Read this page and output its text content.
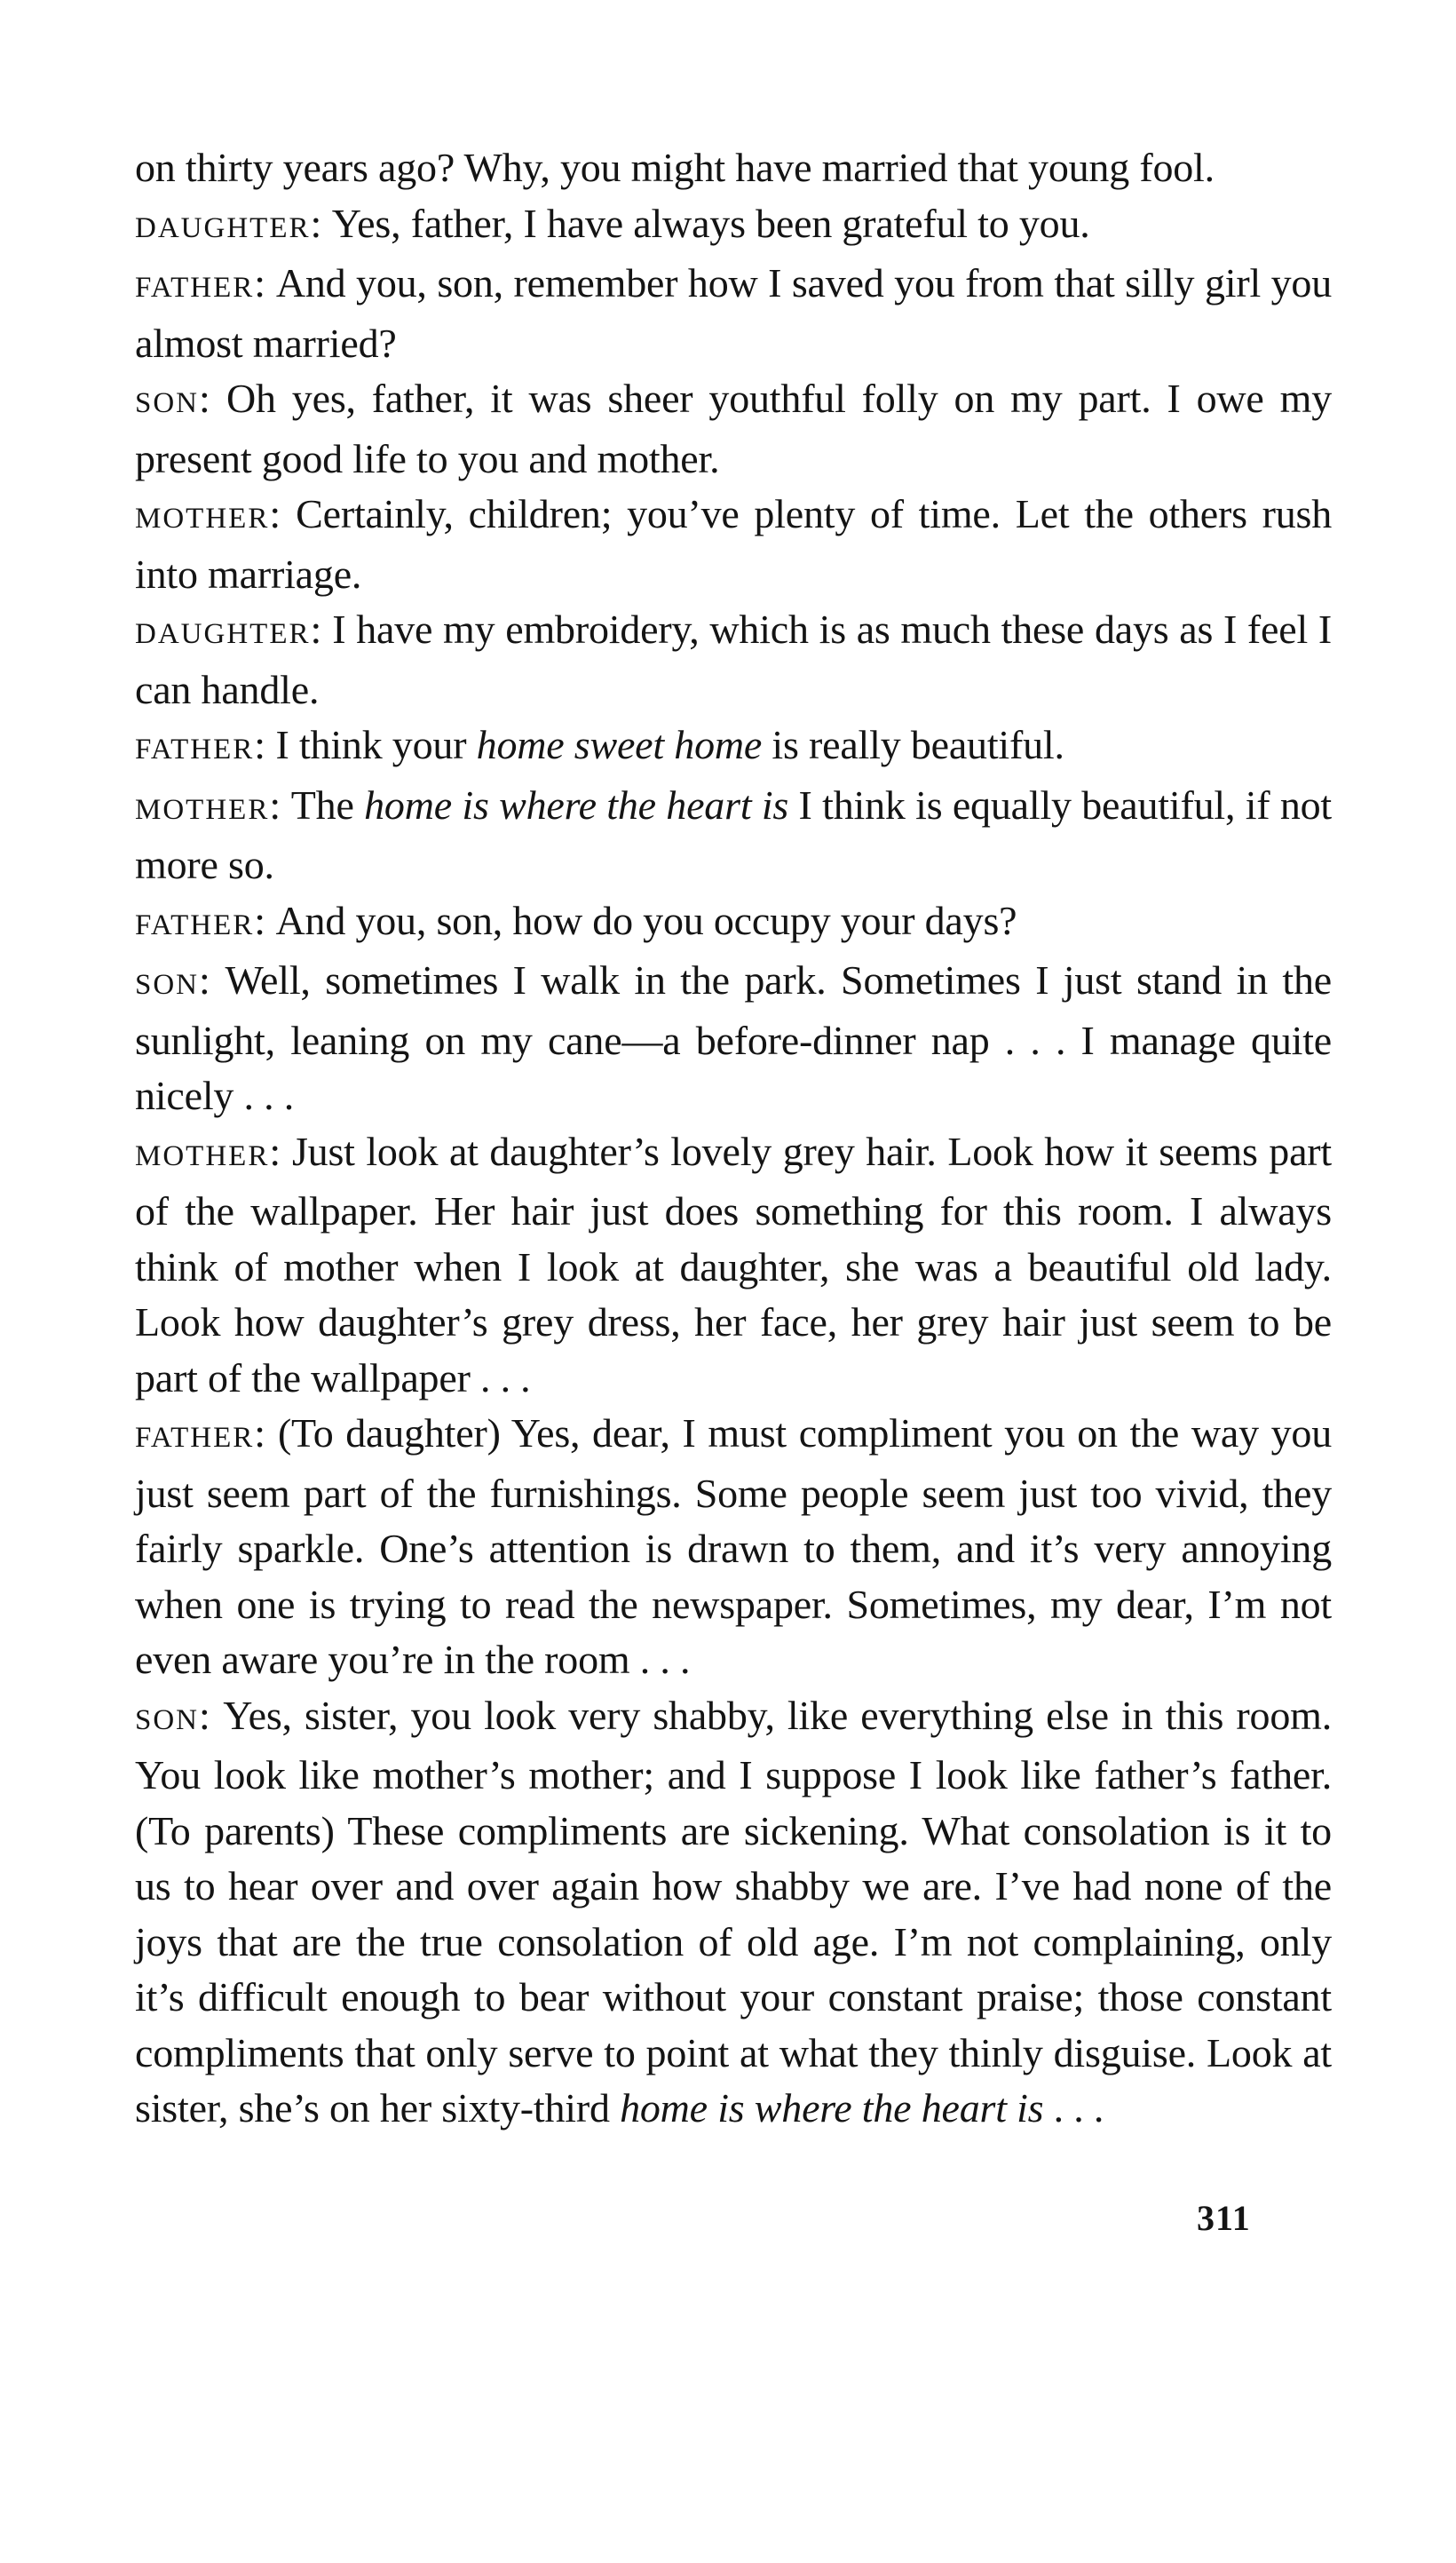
on thirty years ago? Why, you might have married that young fool.

DAUGHTER: Yes, father, I have always been grateful to you.

FATHER: And you, son, remember how I saved you from that silly girl you almost married?

SON: Oh yes, father, it was sheer youthful folly on my part. I owe my present good life to you and mother.

MOTHER: Certainly, children; you’ve plenty of time. Let the others rush into marriage.

DAUGHTER: I have my embroidery, which is as much these days as I feel I can handle.

FATHER: I think your home sweet home is really beautiful.

MOTHER: The home is where the heart is I think is equally beautiful, if not more so.

FATHER: And you, son, how do you occupy your days?

SON: Well, sometimes I walk in the park. Sometimes I just stand in the sunlight, leaning on my cane—a before-dinner nap . . . I manage quite nicely . . .

MOTHER: Just look at daughter’s lovely grey hair. Look how it seems part of the wallpaper. Her hair just does something for this room. I always think of mother when I look at daughter, she was a beautiful old lady. Look how daughter’s grey dress, her face, her grey hair just seem to be part of the wallpaper . . .

FATHER: (To daughter) Yes, dear, I must compliment you on the way you just seem part of the furnishings. Some people seem just too vivid, they fairly sparkle. One’s attention is drawn to them, and it’s very annoying when one is trying to read the newspaper. Sometimes, my dear, I’m not even aware you’re in the room . . .

SON: Yes, sister, you look very shabby, like everything else in this room. You look like mother’s mother; and I suppose I look like father’s father. (To parents) These compliments are sickening. What consolation is it to us to hear over and over again how shabby we are. I’ve had none of the joys that are the true consolation of old age. I’m not complaining, only it’s difficult enough to bear without your constant praise; those constant compliments that only serve to point at what they thinly disguise. Look at sister, she’s on her sixty-third home is where the heart is . . .

311
